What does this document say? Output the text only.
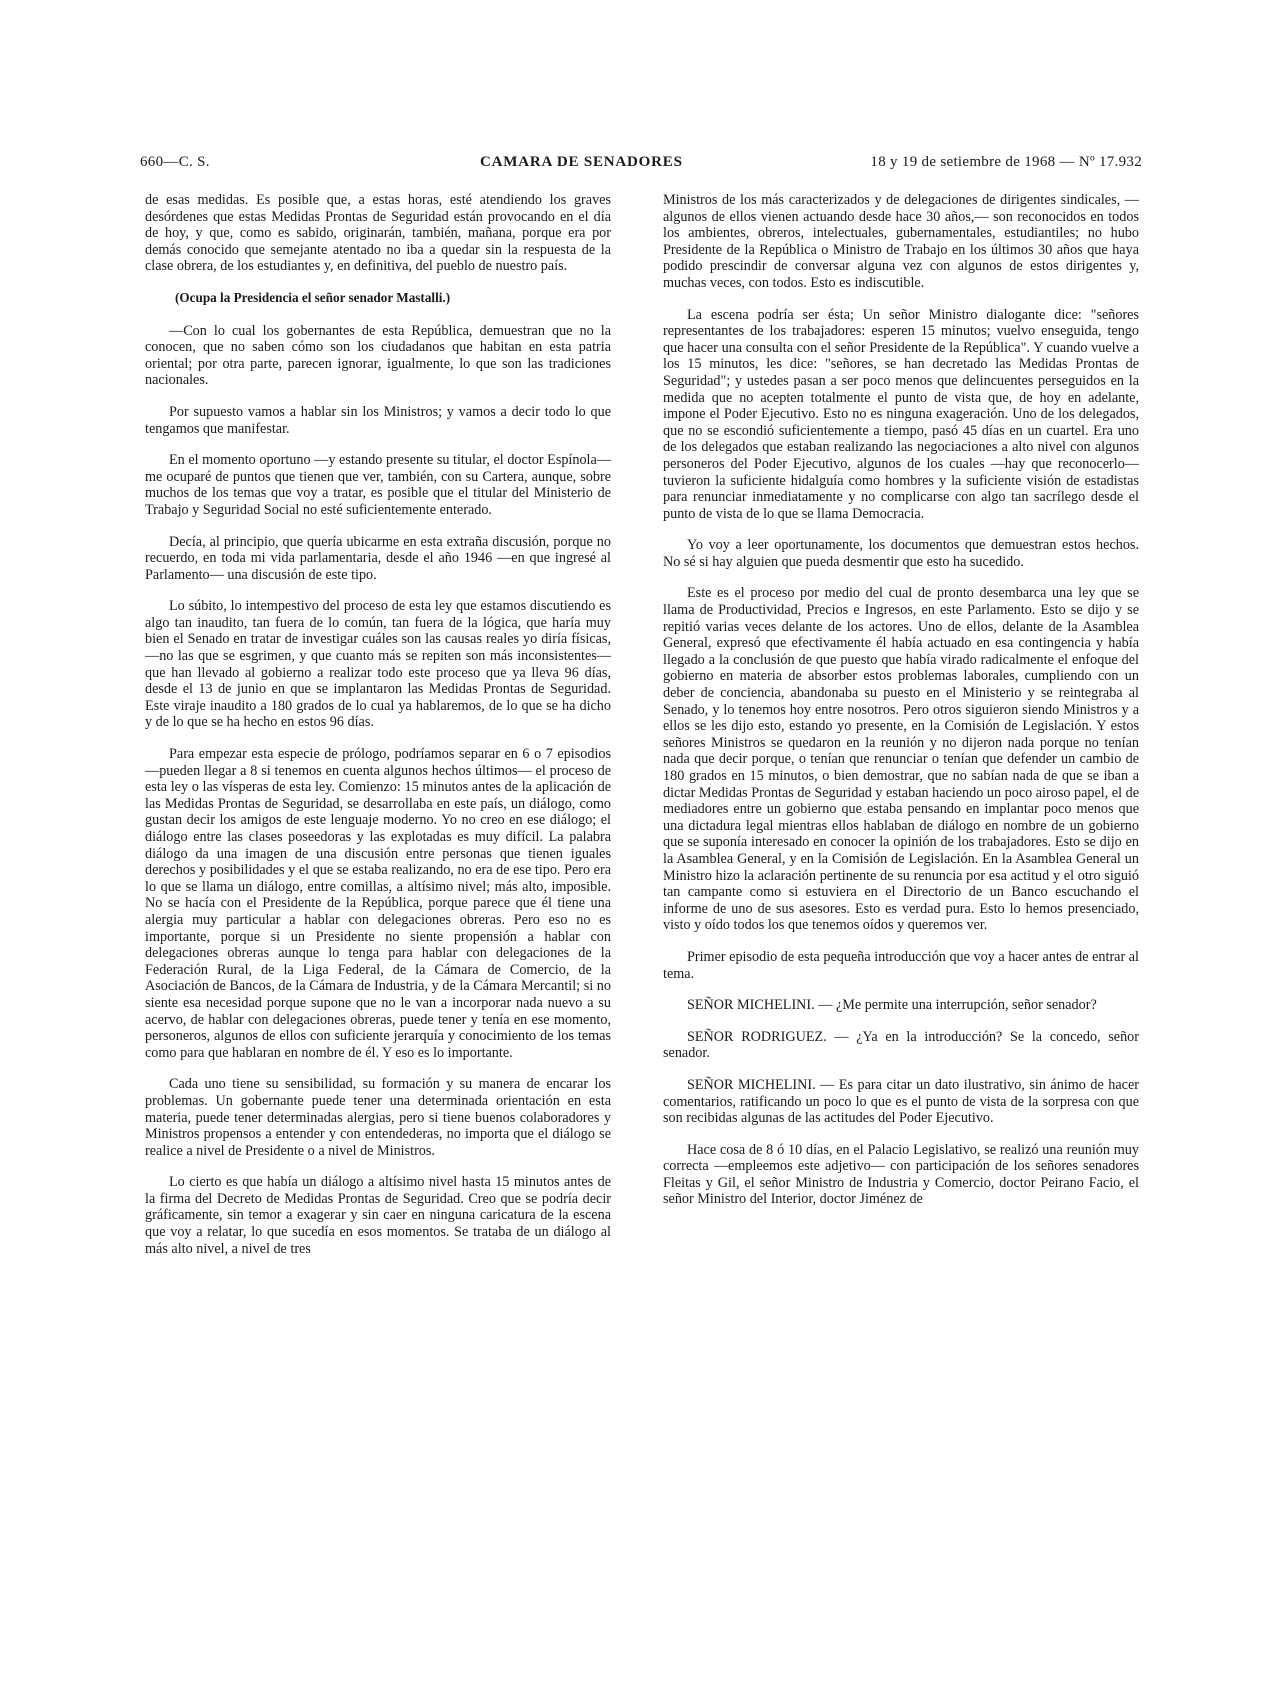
660—C. S.	CAMARA DE SENADORES	18 y 19 de setiembre de 1968 — Nº 17.932

de esas medidas. Es posible que, a estas horas, esté atendiendo los graves desórdenes que estas Medidas Prontas de Seguridad están provocando en el día de hoy, y que, como es sabido, originarán, también, mañana, porque era por demás conocido que semejante atentado no iba a quedar sin la respuesta de la clase obrera, de los estudiantes y, en definitiva, del pueblo de nuestro país.

(Ocupa la Presidencia el señor senador Mastalli.)

—Con lo cual los gobernantes de esta República, demuestran que no la conocen, que no saben cómo son los ciudadanos que habitan en esta patria oriental; por otra parte, parecen ignorar, igualmente, lo que son las tradiciones nacionales.

Por supuesto vamos a hablar sin los Ministros; y vamos a decir todo lo que tengamos que manifestar.

En el momento oportuno —y estando presente su titular, el doctor Espínola— me ocuparé de puntos que tienen que ver, también, con su Cartera, aunque, sobre muchos de los temas que voy a tratar, es posible que el titular del Ministerio de Trabajo y Seguridad Social no esté suficientemente enterado.

Decía, al principio, que quería ubicarme en esta extraña discusión, porque no recuerdo, en toda mi vida parlamentaria, desde el año 1946 —en que ingresé al Parlamento— una discusión de este tipo.

Lo súbito, lo intempestivo del proceso de esta ley que estamos discutiendo es algo tan inaudito, tan fuera de lo común, tan fuera de la lógica, que haría muy bien el Senado en tratar de investigar cuáles son las causas reales yo diría físicas, —no las que se esgrimen, y que cuanto más se repiten son más inconsistentes— que han llevado al gobierno a realizar todo este proceso que ya lleva 96 días, desde el 13 de junio en que se implantaron las Medidas Prontas de Seguridad. Este viraje inaudito a 180 grados de lo cual ya hablaremos, de lo que se ha dicho y de lo que se ha hecho en estos 96 días.

Para empezar esta especie de prólogo, podríamos separar en 6 o 7 episodios —pueden llegar a 8 si tenemos en cuenta algunos hechos últimos— el proceso de esta ley o las vísperas de esta ley. Comienzo: 15 minutos antes de la aplicación de las Medidas Prontas de Seguridad, se desarrollaba en este país, un diálogo, como gustan decir los amigos de este lenguaje moderno. Yo no creo en ese diálogo; el diálogo entre las clases poseedoras y las explotadas es muy difícil. La palabra diálogo da una imagen de una discusión entre personas que tienen iguales derechos y posibilidades y el que se estaba realizando, no era de ese tipo. Pero era lo que se llama un diálogo, entre comillas, a altísimo nivel; más alto, imposible. No se hacía con el Presidente de la República, porque parece que él tiene una alergia muy particular a hablar con delegaciones obreras. Pero eso no es importante, porque si un Presidente no siente propensión a hablar con delegaciones obreras aunque lo tenga para hablar con delegaciones de la Federación Rural, de la Liga Federal, de la Cámara de Comercio, de la Asociación de Bancos, de la Cámara de Industria, y de la Cámara Mercantil; si no siente esa necesidad porque supone que no le van a incorporar nada nuevo a su acervo, de hablar con delegaciones obreras, puede tener y tenía en ese momento, personeros, algunos de ellos con suficiente jerarquía y conocimiento de los temas como para que hablaran en nombre de él. Y eso es lo importante.

Cada uno tiene su sensibilidad, su formación y su manera de encarar los problemas. Un gobernante puede tener una determinada orientación en esta materia, puede tener determinadas alergias, pero si tiene buenos colaboradores y Ministros propensos a entender y con entendederas, no importa que el diálogo se realice a nivel de Presidente o a nivel de Ministros.

Lo cierto es que había un diálogo a altísimo nivel hasta 15 minutos antes de la firma del Decreto de Medidas Prontas de Seguridad. Creo que se podría decir gráficamente, sin temor a exagerar y sin caer en ninguna caricatura de la escena que voy a relatar, lo que sucedía en esos momentos. Se trataba de un diálogo al más alto nivel, a nivel de tres

Ministros de los más caracterizados y de delegaciones de dirigentes sindicales, —algunos de ellos vienen actuando desde hace 30 años,— son reconocidos en todos los ambientes, obreros, intelectuales, gubernamentales, estudiantiles; no hubo Presidente de la República o Ministro de Trabajo en los últimos 30 años que haya podido prescindir de conversar alguna vez con algunos de estos dirigentes y, muchas veces, con todos. Esto es indiscutible.

La escena podría ser ésta; Un señor Ministro dialogante dice: "señores representantes de los trabajadores: esperen 15 minutos; vuelvo enseguida, tengo que hacer una consulta con el señor Presidente de la República". Y cuando vuelve a los 15 minutos, les dice: "señores, se han decretado las Medidas Prontas de Seguridad"; y ustedes pasan a ser poco menos que delincuentes perseguidos en la medida que no acepten totalmente el punto de vista que, de hoy en adelante, impone el Poder Ejecutivo. Esto no es ninguna exageración. Uno de los delegados, que no se escondió suficientemente a tiempo, pasó 45 días en un cuartel. Era uno de los delegados que estaban realizando las negociaciones a alto nivel con algunos personeros del Poder Ejecutivo, algunos de los cuales —hay que reconocerlo— tuvieron la suficiente hidalguía como hombres y la suficiente visión de estadistas para renunciar inmediatamente y no complicarse con algo tan sacrílego desde el punto de vista de lo que se llama Democracia.

Yo voy a leer oportunamente, los documentos que demuestran estos hechos. No sé si hay alguien que pueda desmentir que esto ha sucedido.

Este es el proceso por medio del cual de pronto desembarca una ley que se llama de Productividad, Precios e Ingresos, en este Parlamento. Esto se dijo y se repitió varias veces delante de los actores. Uno de ellos, delante de la Asamblea General, expresó que efectivamente él había actuado en esa contingencia y había llegado a la conclusión de que puesto que había virado radicalmente el enfoque del gobierno en materia de absorber estos problemas laborales, cumpliendo con un deber de conciencia, abandonaba su puesto en el Ministerio y se reintegraba al Senado, y lo tenemos hoy entre nosotros. Pero otros siguieron siendo Ministros y a ellos se les dijo esto, estando yo presente, en la Comisión de Legislación. Y estos señores Ministros se quedaron en la reunión y no dijeron nada porque no tenían nada que decir porque, o tenían que renunciar o tenían que defender un cambio de 180 grados en 15 minutos, o bien demostrar, que no sabían nada de que se iban a dictar Medidas Prontas de Seguridad y estaban haciendo un poco airoso papel, el de mediadores entre un gobierno que estaba pensando en implantar poco menos que una dictadura legal mientras ellos hablaban de diálogo en nombre de un gobierno que se suponía interesado en conocer la opinión de los trabajadores. Esto se dijo en la Asamblea General, y en la Comisión de Legislación. En la Asamblea General un Ministro hizo la aclaración pertinente de su renuncia por esa actitud y el otro siguió tan campante como si estuviera en el Directorio de un Banco escuchando el informe de uno de sus asesores. Esto es verdad pura. Esto lo hemos presenciado, visto y oído todos los que tenemos oídos y queremos ver.

Primer episodio de esta pequeña introducción que voy a hacer antes de entrar al tema.

SEÑOR MICHELINI. — ¿Me permite una interrupción, señor senador?

SEÑOR RODRIGUEZ. — ¿Ya en la introducción? Se la concedo, señor senador.

SEÑOR MICHELINI. — Es para citar un dato ilustrativo, sin ánimo de hacer comentarios, ratificando un poco lo que es el punto de vista de la sorpresa con que son recibidas algunas de las actitudes del Poder Ejecutivo.

Hace cosa de 8 ó 10 días, en el Palacio Legislativo, se realizó una reunión muy correcta —empleemos este adjetivo— con participación de los señores senadores Fleitas y Gil, el señor Ministro de Industria y Comercio, doctor Peirano Facio, el señor Ministro del Interior, doctor Jiménez de
